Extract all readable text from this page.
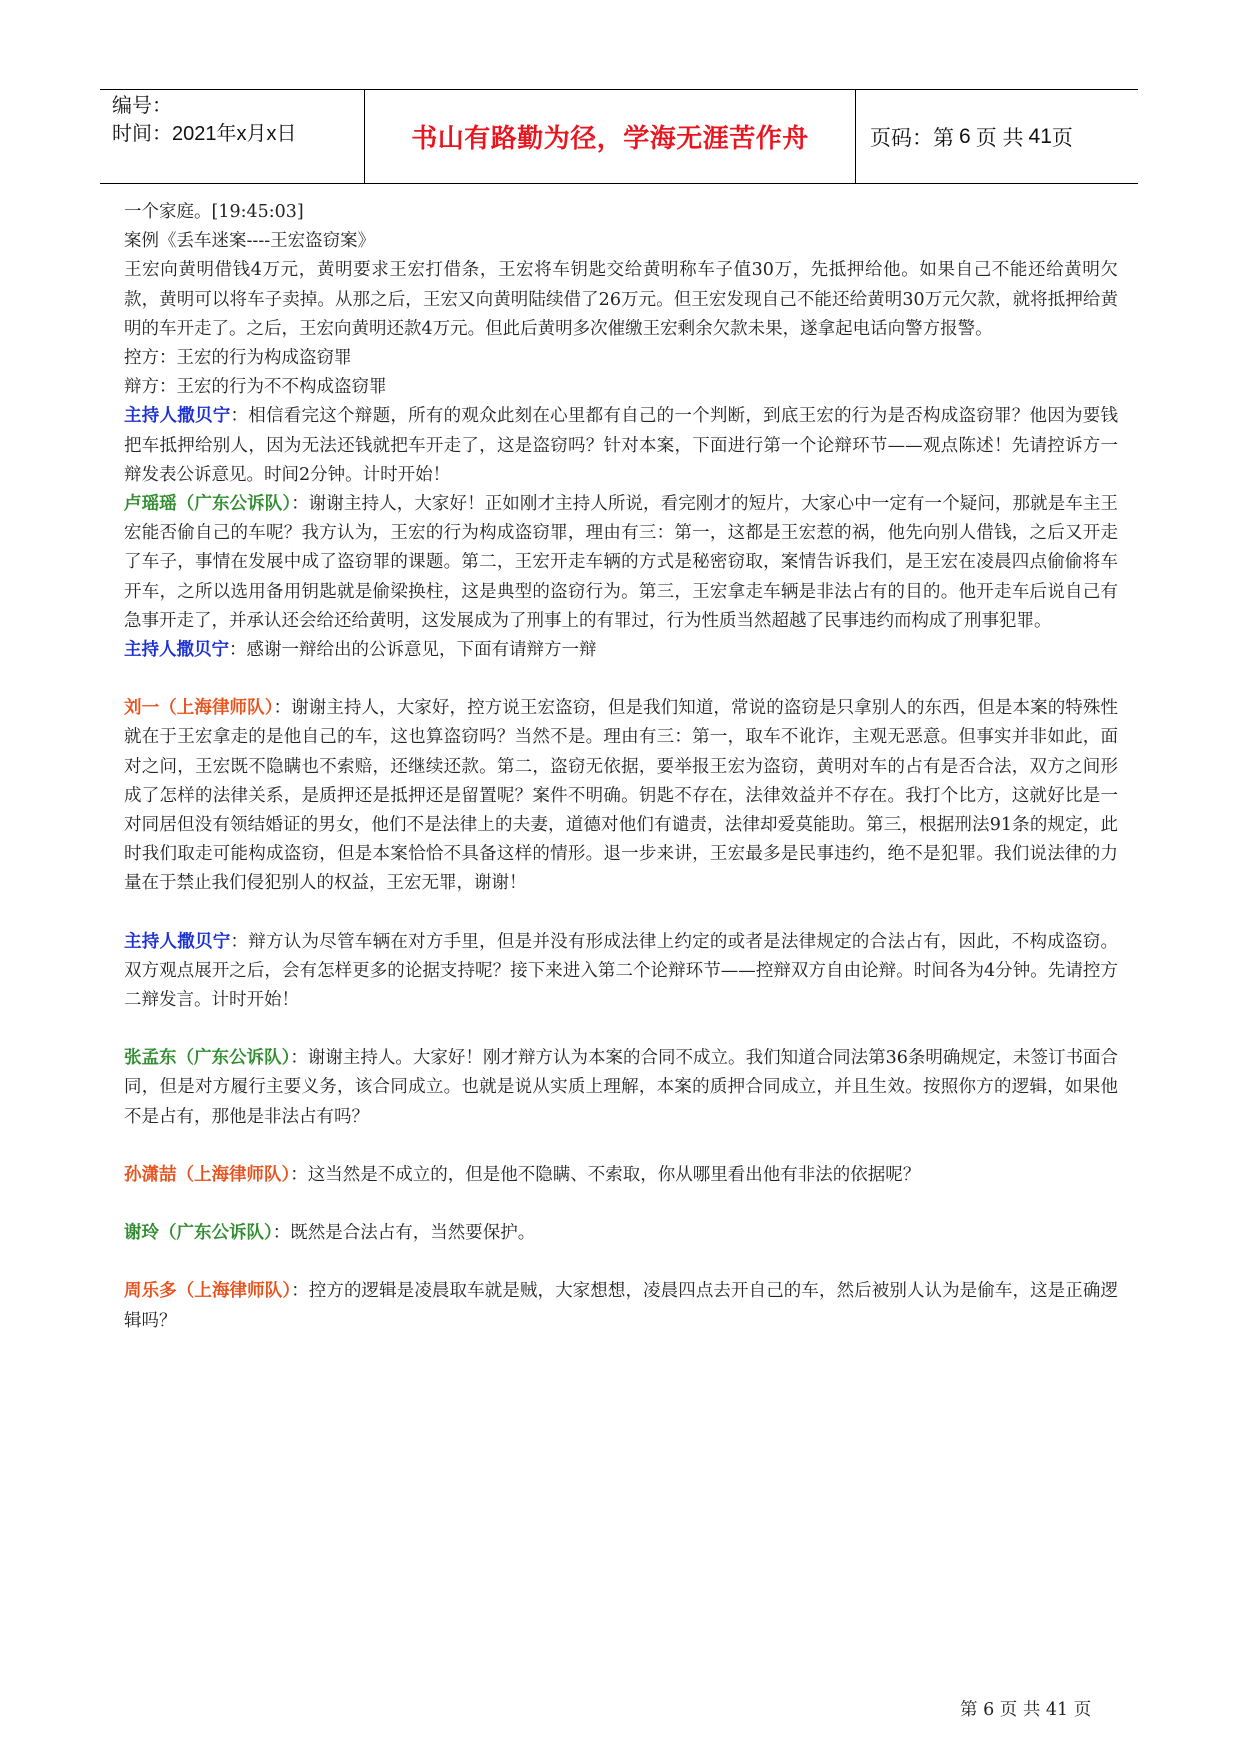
编号：
时间：2021年x月x日	书山有路勤为径，学海无涯苦作舟	页码：第 6 页 共 41 页

一个家庭。[19:45:03]

案例《丢车迷案----王宏盗窃案》

王宏向黄明借钱4万元，黄明要求王宏打借条，王宏将车钥匙交给黄明称车子值30万，先抵押给他。如果自己不能还给黄明欠款，黄明可以将车子卖掉。从那之后，王宏又向黄明陆续借了26万元。但王宏发现自己不能还给黄明30万元欠款，就将抵押给黄明的车开走了。之后，王宏向黄明还款4万元。但此后黄明多次催缴王宏剩余欠款未果，遂拿起电话向警方报警。

控方：王宏的行为构成盗窃罪

辩方：王宏的行为不不构成盗窃罪

主持人撒贝宁：相信看完这个辩题，所有的观众此刻在心里都有自己的一个判断，到底王宏的行为是否构成盗窃罪？他因为要钱把车抵押给别人，因为无法还钱就把车开走了，这是盗窃吗？针对本案，下面进行第一个论辩环节——观点陈述！先请控诉方一辩发表公诉意见。时间2分钟。计时开始！

卢瑶瑶（广东公诉队）：谢谢主持人，大家好！正如刚才主持人所说，看完刚才的短片，大家心中一定有一个疑问，那就是车主王宏能否偷自己的车呢？我方认为，王宏的行为构成盗窃罪，理由有三：第一，这都是王宏惹的祸，他先向别人借钱，之后又开走了车子，事情在发展中成了盗窃罪的课题。第二，王宏开走车辆的方式是秘密窃取，案情告诉我们，是王宏在凌晨四点偷偷将车开车，之所以选用备用钥匙就是偷梁换柱，这是典型的盗窃行为。第三，王宏拿走车辆是非法占有的目的。他开走车后说自己有急事开走了，并承认还会给还给黄明，这发展成为了刑事上的有罪过，行为性质当然超越了民事违约而构成了刑事犯罪。

主持人撒贝宁：感谢一辩给出的公诉意见，下面有请辩方一辩

刘一（上海律师队）：谢谢主持人，大家好，控方说王宏盗窃，但是我们知道，常说的盗窃是只拿别人的东西，但是本案的特殊性就在于王宏拿走的是他自己的车，这也算盗窃吗？当然不是。理由有三：第一，取车不讹诈，主观无恶意。但事实并非如此，面对之问，王宏既不隐瞒也不索赔，还继续还款。第二，盗窃无依据，要举报王宏为盗窃，黄明对车的占有是否合法，双方之间形成了怎样的法律关系，是质押还是抵押还是留置呢？案件不明确。钥匙不存在，法律效益并不存在。我打个比方，这就好比是一对同居但没有领结婚证的男女，他们不是法律上的夫妻，道德对他们有谴责，法律却爱莫能助。第三，根据刑法91条的规定，此时我们取走可能构成盗窃，但是本案恰恰不具备这样的情形。退一步来讲，王宏最多是民事违约，绝不是犯罪。我们说法律的力量在于禁止我们侵犯别人的权益，王宏无罪，谢谢！

主持人撒贝宁：辩方认为尽管车辆在对方手里，但是并没有形成法律上约定的或者是法律规定的合法占有，因此，不构成盗窃。双方观点展开之后，会有怎样更多的论据支持呢？接下来进入第二个论辩环节——控辩双方自由论辩。时间各为4分钟。先请控方二辩发言。计时开始！

张孟东（广东公诉队）：谢谢主持人。大家好！刚才辩方认为本案的合同不成立。我们知道合同法第36条明确规定，未签订书面合同，但是对方履行主要义务，该合同成立。也就是说从实质上理解，本案的质押合同成立，并且生效。按照你方的逻辑，如果他不是占有，那他是非法占有吗？

孙潇喆（上海律师队）：这当然是不成立的，但是他不隐瞒、不索取，你从哪里看出他有非法的依据呢？

谢玲（广东公诉队）：既然是合法占有，当然要保护。

周乐多（上海律师队）：控方的逻辑是凌晨取车就是贼，大家想想，凌晨四点去开自己的车，然后被别人认为是偷车，这是正确逻辑吗？

第 6 页 共 41 页
